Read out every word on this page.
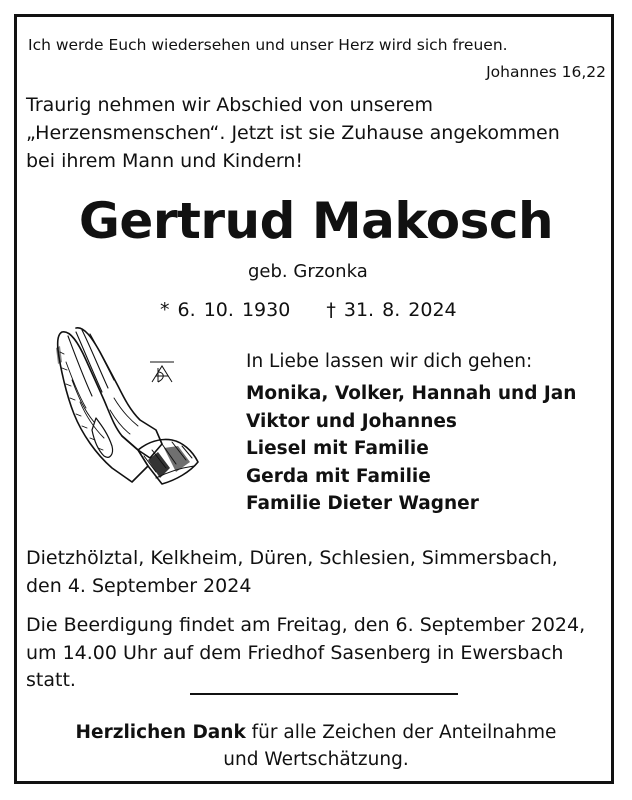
Ich werde Euch wiedersehen und unser Herz wird sich freuen.
Johannes 16,22
Traurig nehmen wir Abschied von unserem
„Herzensmenschen“. Jetzt ist sie Zuhause angekommen
bei ihrem Mann und Kindern!
Gertrud Makosch
geb. Grzonka
* 6. 10. 1930 † 31. 8. 2024
In Liebe lassen wir dich gehen:
Monika, Volker, Hannah und Jan
Viktor und Johannes
Liesel mit Familie
Gerda mit Familie
Familie Dieter Wagner
Dietzhölztal, Kelkheim, Düren, Schlesien, Simmersbach,
den 4. September 2024
Die Beerdigung findet am Freitag, den 6. September 2024,
um 14.00 Uhr auf dem Friedhof Sasenberg in Ewersbach
statt.
Herzlichen Dank für alle Zeichen der Anteilnahme
und Wertschätzung.
